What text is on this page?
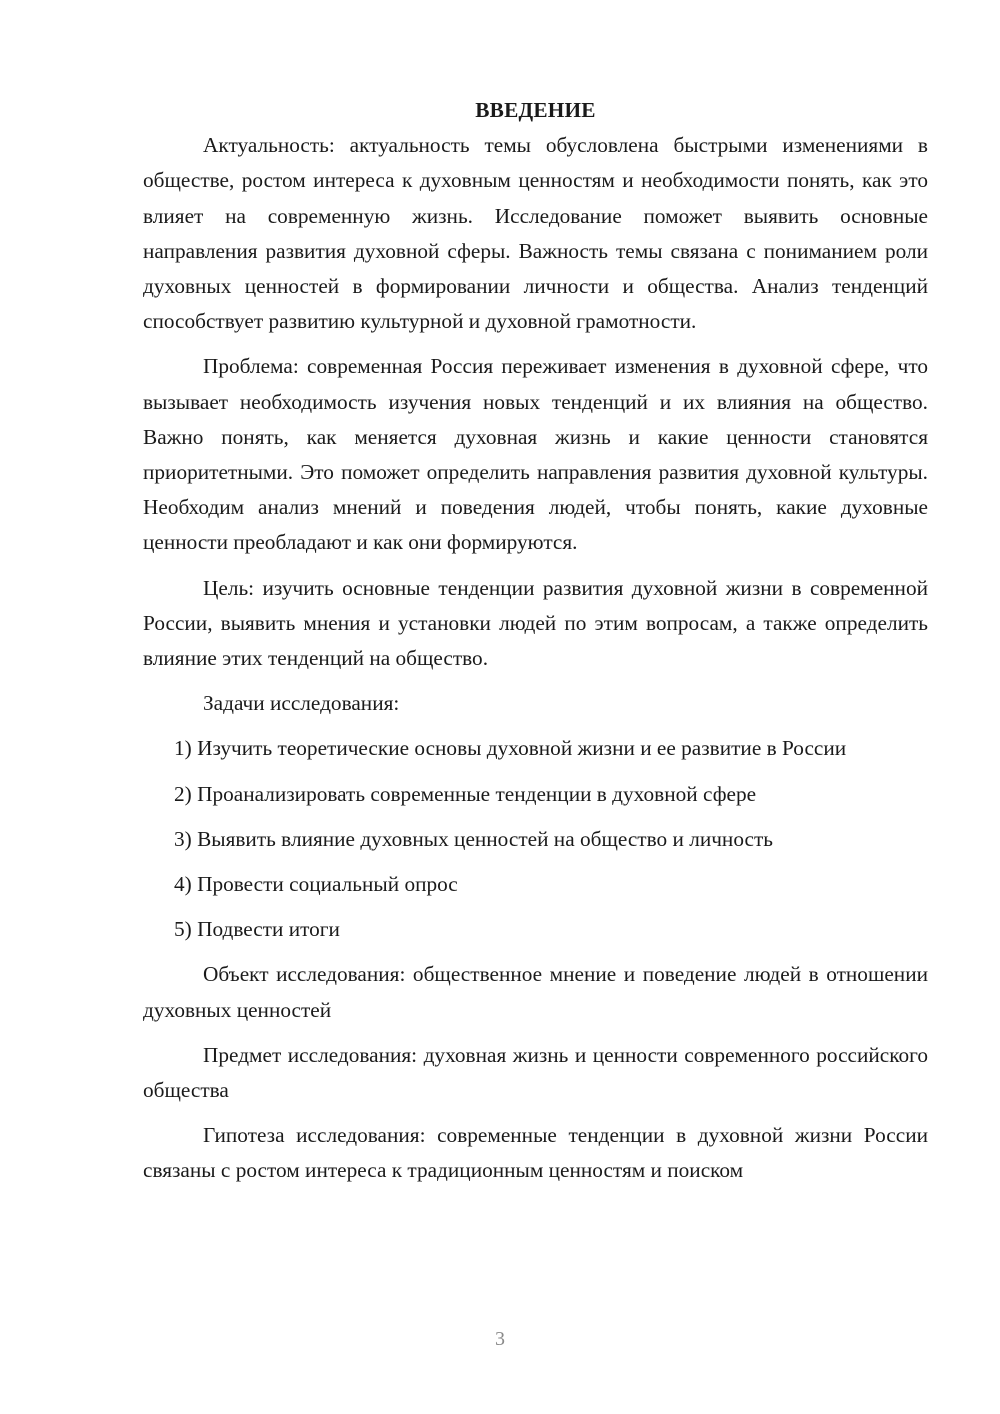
ВВЕДЕНИЕ

Актуальность: актуальность темы обусловлена быстрыми изменениями в обществе, ростом интереса к духовным ценностям и необходимости понять, как это влияет на современную жизнь. Исследование поможет выявить основные направления развития духовной сферы. Важность темы связана с пониманием роли духовных ценностей в формировании личности и общества. Анализ тенденций способствует развитию культурной и духовной грамотности.

Проблема: современная Россия переживает изменения в духовной сфере, что вызывает необходимость изучения новых тенденций и их влияния на общество. Важно понять, как меняется духовная жизнь и какие ценности становятся приоритетными. Это поможет определить направления развития духовной культуры. Необходим анализ мнений и поведения людей, чтобы понять, какие духовные ценности преобладают и как они формируются.

Цель: изучить основные тенденции развития духовной жизни в современной России, выявить мнения и установки людей по этим вопросам, а также определить влияние этих тенденций на общество.

Задачи исследования:

1) Изучить теоретические основы духовной жизни и ее развитие в России

2) Проанализировать современные тенденции в духовной сфере

3) Выявить влияние духовных ценностей на общество и личность

4) Провести социальный опрос

5) Подвести итоги

Объект исследования: общественное мнение и поведение людей в отношении духовных ценностей

Предмет исследования: духовная жизнь и ценности современного российского общества

Гипотеза исследования: современные тенденции в духовной жизни России связаны с ростом интереса к традиционным ценностям и поиском

3
